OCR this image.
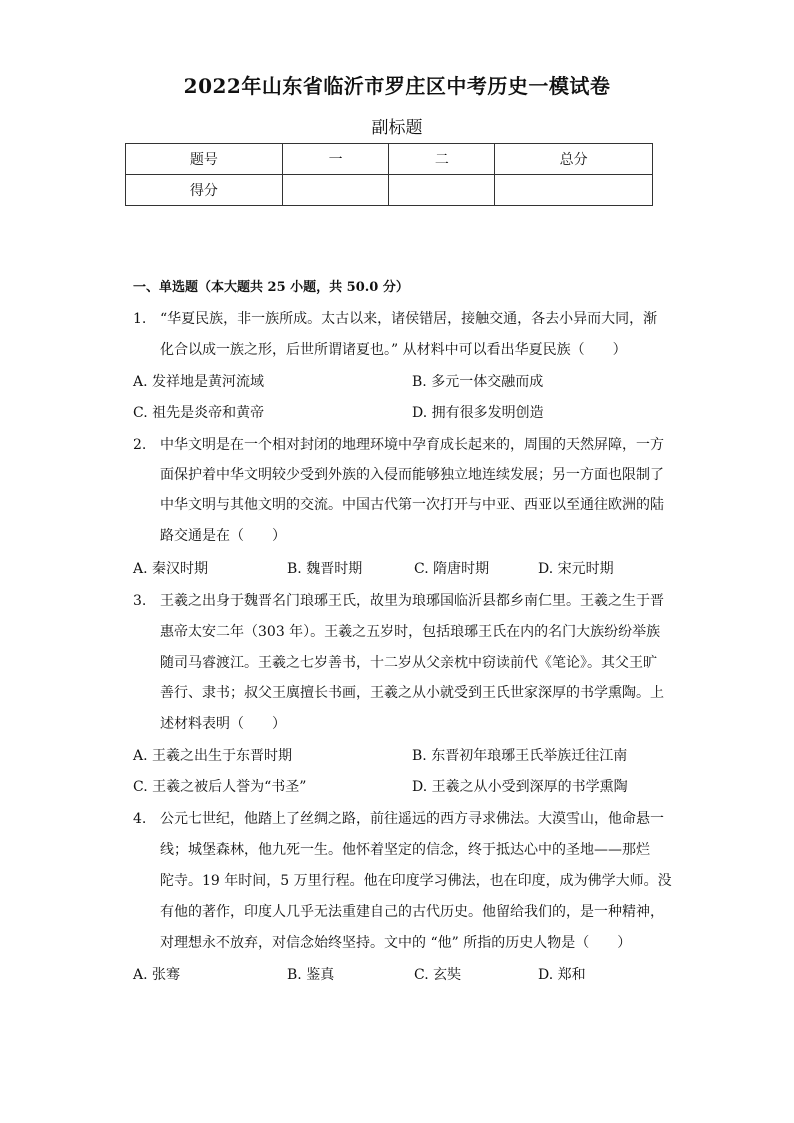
2022年山东省临沂市罗庄区中考历史一模试卷
副标题
题号	一	二	总分
得分			
一、单选题（本大题共 25 小题，共 50.0 分）
1. “华夏民族，非一族所成。太古以来，诸侯错居，接触交通，各去小异而大同，渐
化合以成一族之形，后世所谓诸夏也。” 从材料中可以看出华夏民族（　　）
A. 发祥地是黄河流域	B. 多元一体交融而成
C. 祖先是炎帝和黄帝	D. 拥有很多发明创造
2. 中华文明是在一个相对封闭的地理环境中孕育成长起来的，周围的天然屏障，一方
面保护着中华文明较少受到外族的入侵而能够独立地连续发展；另一方面也限制了
中华文明与其他文明的交流。中国古代第一次打开与中亚、西亚以至通往欧洲的陆
路交通是在（　　）
A. 秦汉时期	B. 魏晋时期	C. 隋唐时期	D. 宋元时期
3. 王羲之出身于魏晋名门琅琊王氏，故里为琅琊国临沂县都乡南仁里。王羲之生于晋
惠帝太安二年（303 年）。王羲之五岁时，包括琅琊王氏在内的名门大族纷纷举族
随司马睿渡江。王羲之七岁善书，十二岁从父亲枕中窃读前代《笔论》。其父王旷
善行、隶书；叔父王廙擅长书画，王羲之从小就受到王氏世家深厚的书学熏陶。上
述材料表明（　　）
A. 王羲之出生于东晋时期	B. 东晋初年琅琊王氏举族迁往江南
C. 王羲之被后人誉为“书圣”	D. 王羲之从小受到深厚的书学熏陶
4. 公元七世纪，他踏上了丝绸之路，前往遥远的西方寻求佛法。大漠雪山，他命悬一
线；城堡森林，他九死一生。他怀着坚定的信念，终于抵达心中的圣地——那烂
陀寺。19 年时间，5 万里行程。他在印度学习佛法，也在印度，成为佛学大师。没
有他的著作，印度人几乎无法重建自己的古代历史。他留给我们的，是一种精神，
对理想永不放弃，对信念始终坚持。文中的 “他” 所指的历史人物是（　　）
A. 张骞	B. 鉴真	C. 玄奘	D. 郑和
